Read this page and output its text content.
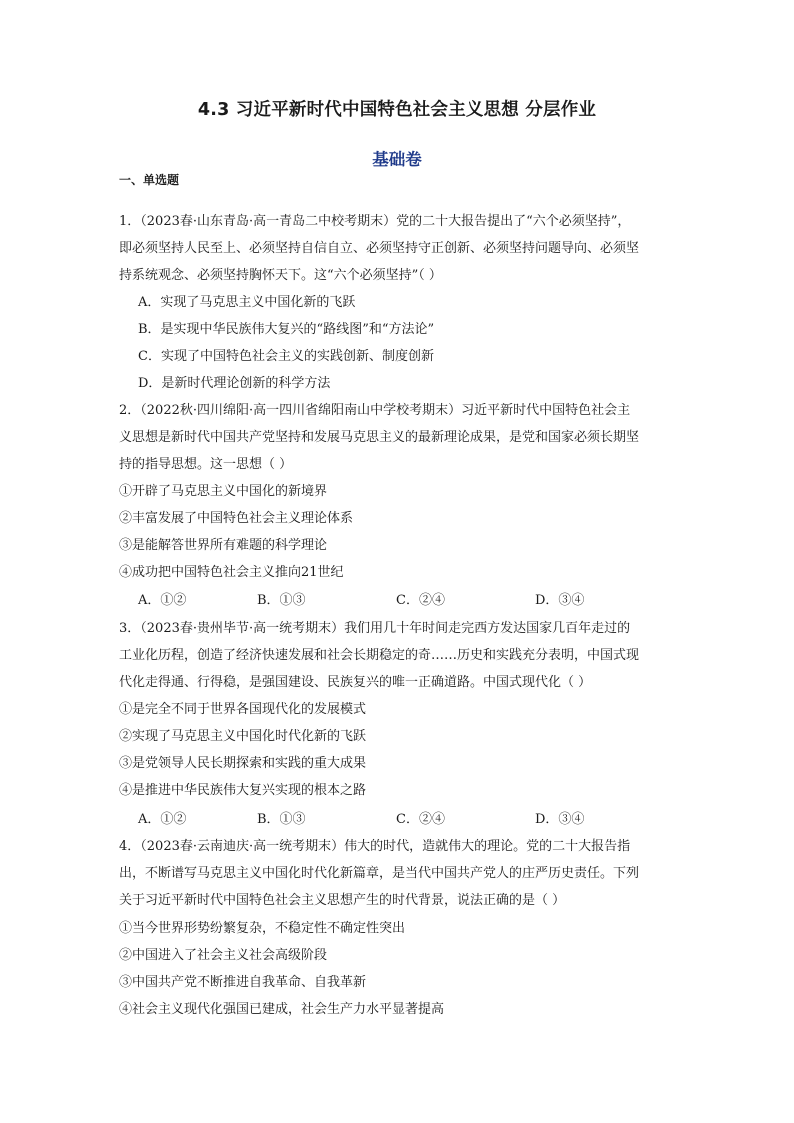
4.3 习近平新时代中国特色社会主义思想 分层作业
基础卷
一、单选题
1．（2023春·山东青岛·高一青岛二中校考期末）党的二十大报告提出了“六个必须坚持”，
即必须坚持人民至上、必须坚持自信自立、必须坚持守正创新、必须坚持问题导向、必须坚
持系统观念、必须坚持胸怀天下。这“六个必须坚持”（ ）
A．实现了马克思主义中国化新的飞跃
B．是实现中华民族伟大复兴的“路线图”和“方法论”
C．实现了中国特色社会主义的实践创新、制度创新
D．是新时代理论创新的科学方法
2．（2022秋·四川绵阳·高一四川省绵阳南山中学校考期末）习近平新时代中国特色社会主
义思想是新时代中国共产党坚持和发展马克思主义的最新理论成果，是党和国家必须长期坚
持的指导思想。这一思想（ ）
①开辟了马克思主义中国化的新境界
②丰富发展了中国特色社会主义理论体系
③是能解答世界所有难题的科学理论
④成功把中国特色社会主义推向21世纪
A．①②	B．①③	C．②④	D．③④
3．（2023春·贵州毕节·高一统考期末）我们用几十年时间走完西方发达国家几百年走过的
工业化历程，创造了经济快速发展和社会长期稳定的奇……历史和实践充分表明，中国式现
代化走得通、行得稳，是强国建设、民族复兴的唯一正确道路。中国式现代化（ ）
①是完全不同于世界各国现代化的发展模式
②实现了马克思主义中国化时代化新的飞跃
③是党领导人民长期探索和实践的重大成果
④是推进中华民族伟大复兴实现的根本之路
A．①②	B．①③	C．②④	D．③④
4．（2023春·云南迪庆·高一统考期末）伟大的时代，造就伟大的理论。党的二十大报告指
出，不断谱写马克思主义中国化时代化新篇章，是当代中国共产党人的庄严历史责任。下列
关于习近平新时代中国特色社会主义思想产生的时代背景，说法正确的是（ ）
①当今世界形势纷繁复杂，不稳定性不确定性突出
②中国进入了社会主义社会高级阶段
③中国共产党不断推进自我革命、自我革新
④社会主义现代化强国已建成，社会生产力水平显著提高
